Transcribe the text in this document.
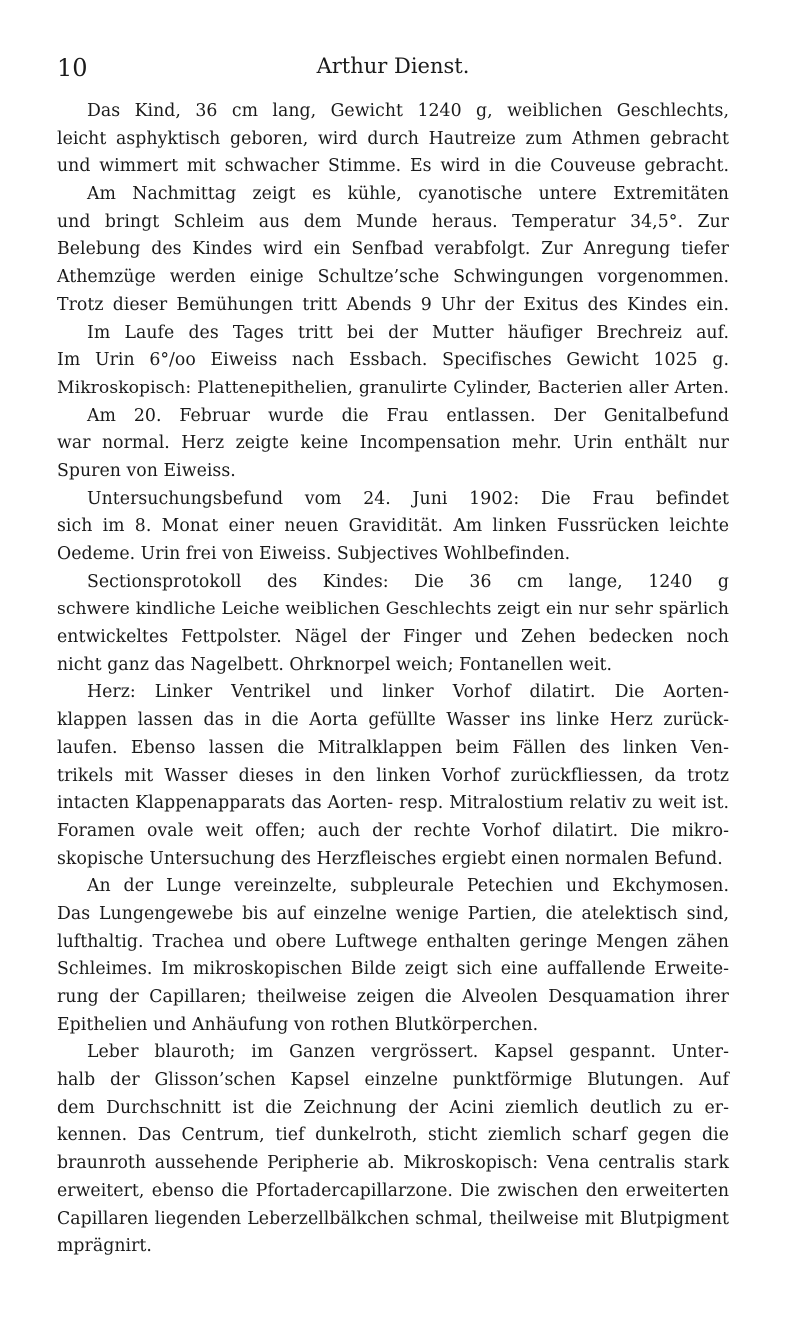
10	Arthur Dienst.
Das Kind, 36 cm lang, Gewicht 1240 g, weiblichen Geschlechts,
leicht asphyktisch geboren, wird durch Hautreize zum Athmen gebracht
und wimmert mit schwacher Stimme. Es wird in die Couveuse gebracht.
Am Nachmittag zeigt es kühle, cyanotische untere Extremitäten
und bringt Schleim aus dem Munde heraus. Temperatur 34,5°. Zur
Belebung des Kindes wird ein Senfbad verabfolgt. Zur Anregung tiefer
Athemzüge werden einige Schultze’sche Schwingungen vorgenommen.
Trotz dieser Bemühungen tritt Abends 9 Uhr der Exitus des Kindes ein.
Im Laufe des Tages tritt bei der Mutter häufiger Brechreiz auf.
Im Urin 6°/oo Eiweiss nach Essbach. Specifisches Gewicht 1025 g.
Mikroskopisch: Plattenepithelien, granulirte Cylinder, Bacterien aller Arten.
Am 20. Februar wurde die Frau entlassen. Der Genitalbefund
war normal. Herz zeigte keine Incompensation mehr. Urin enthält nur
Spuren von Eiweiss.
Untersuchungsbefund vom 24. Juni 1902: Die Frau befindet
sich im 8. Monat einer neuen Gravidität. Am linken Fussrücken leichte
Oedeme. Urin frei von Eiweiss. Subjectives Wohlbefinden.
Sectionsprotokoll des Kindes: Die 36 cm lange, 1240 g
schwere kindliche Leiche weiblichen Geschlechts zeigt ein nur sehr spärlich
entwickeltes Fettpolster. Nägel der Finger und Zehen bedecken noch
nicht ganz das Nagelbett. Ohrknorpel weich; Fontanellen weit.
Herz: Linker Ventrikel und linker Vorhof dilatirt. Die Aorten-
klappen lassen das in die Aorta gefüllte Wasser ins linke Herz zurück-
laufen. Ebenso lassen die Mitralklappen beim Fällen des linken Ven-
trikels mit Wasser dieses in den linken Vorhof zurückfliessen, da trotz
intacten Klappenapparats das Aorten- resp. Mitralostium relativ zu weit ist.
Foramen ovale weit offen; auch der rechte Vorhof dilatirt. Die mikro-
skopische Untersuchung des Herzfleisches ergiebt einen normalen Befund.
An der Lunge vereinzelte, subpleurale Petechien und Ekchymosen.
Das Lungengewebe bis auf einzelne wenige Partien, die atelektisch sind,
lufthaltig. Trachea und obere Luftwege enthalten geringe Mengen zähen
Schleimes. Im mikroskopischen Bilde zeigt sich eine auffallende Erweite-
rung der Capillaren; theilweise zeigen die Alveolen Desquamation ihrer
Epithelien und Anhäufung von rothen Blutkörperchen.
Leber blauroth; im Ganzen vergrössert. Kapsel gespannt. Unter-
halb der Glisson’schen Kapsel einzelne punktförmige Blutungen. Auf
dem Durchschnitt ist die Zeichnung der Acini ziemlich deutlich zu er-
kennen. Das Centrum, tief dunkelroth, sticht ziemlich scharf gegen die
braunroth aussehende Peripherie ab. Mikroskopisch: Vena centralis stark
erweitert, ebenso die Pfortadercapillarzone. Die zwischen den erweiterten
Capillaren liegenden Leberzellbälkchen schmal, theilweise mit Blutpigment
mprägnirt.
